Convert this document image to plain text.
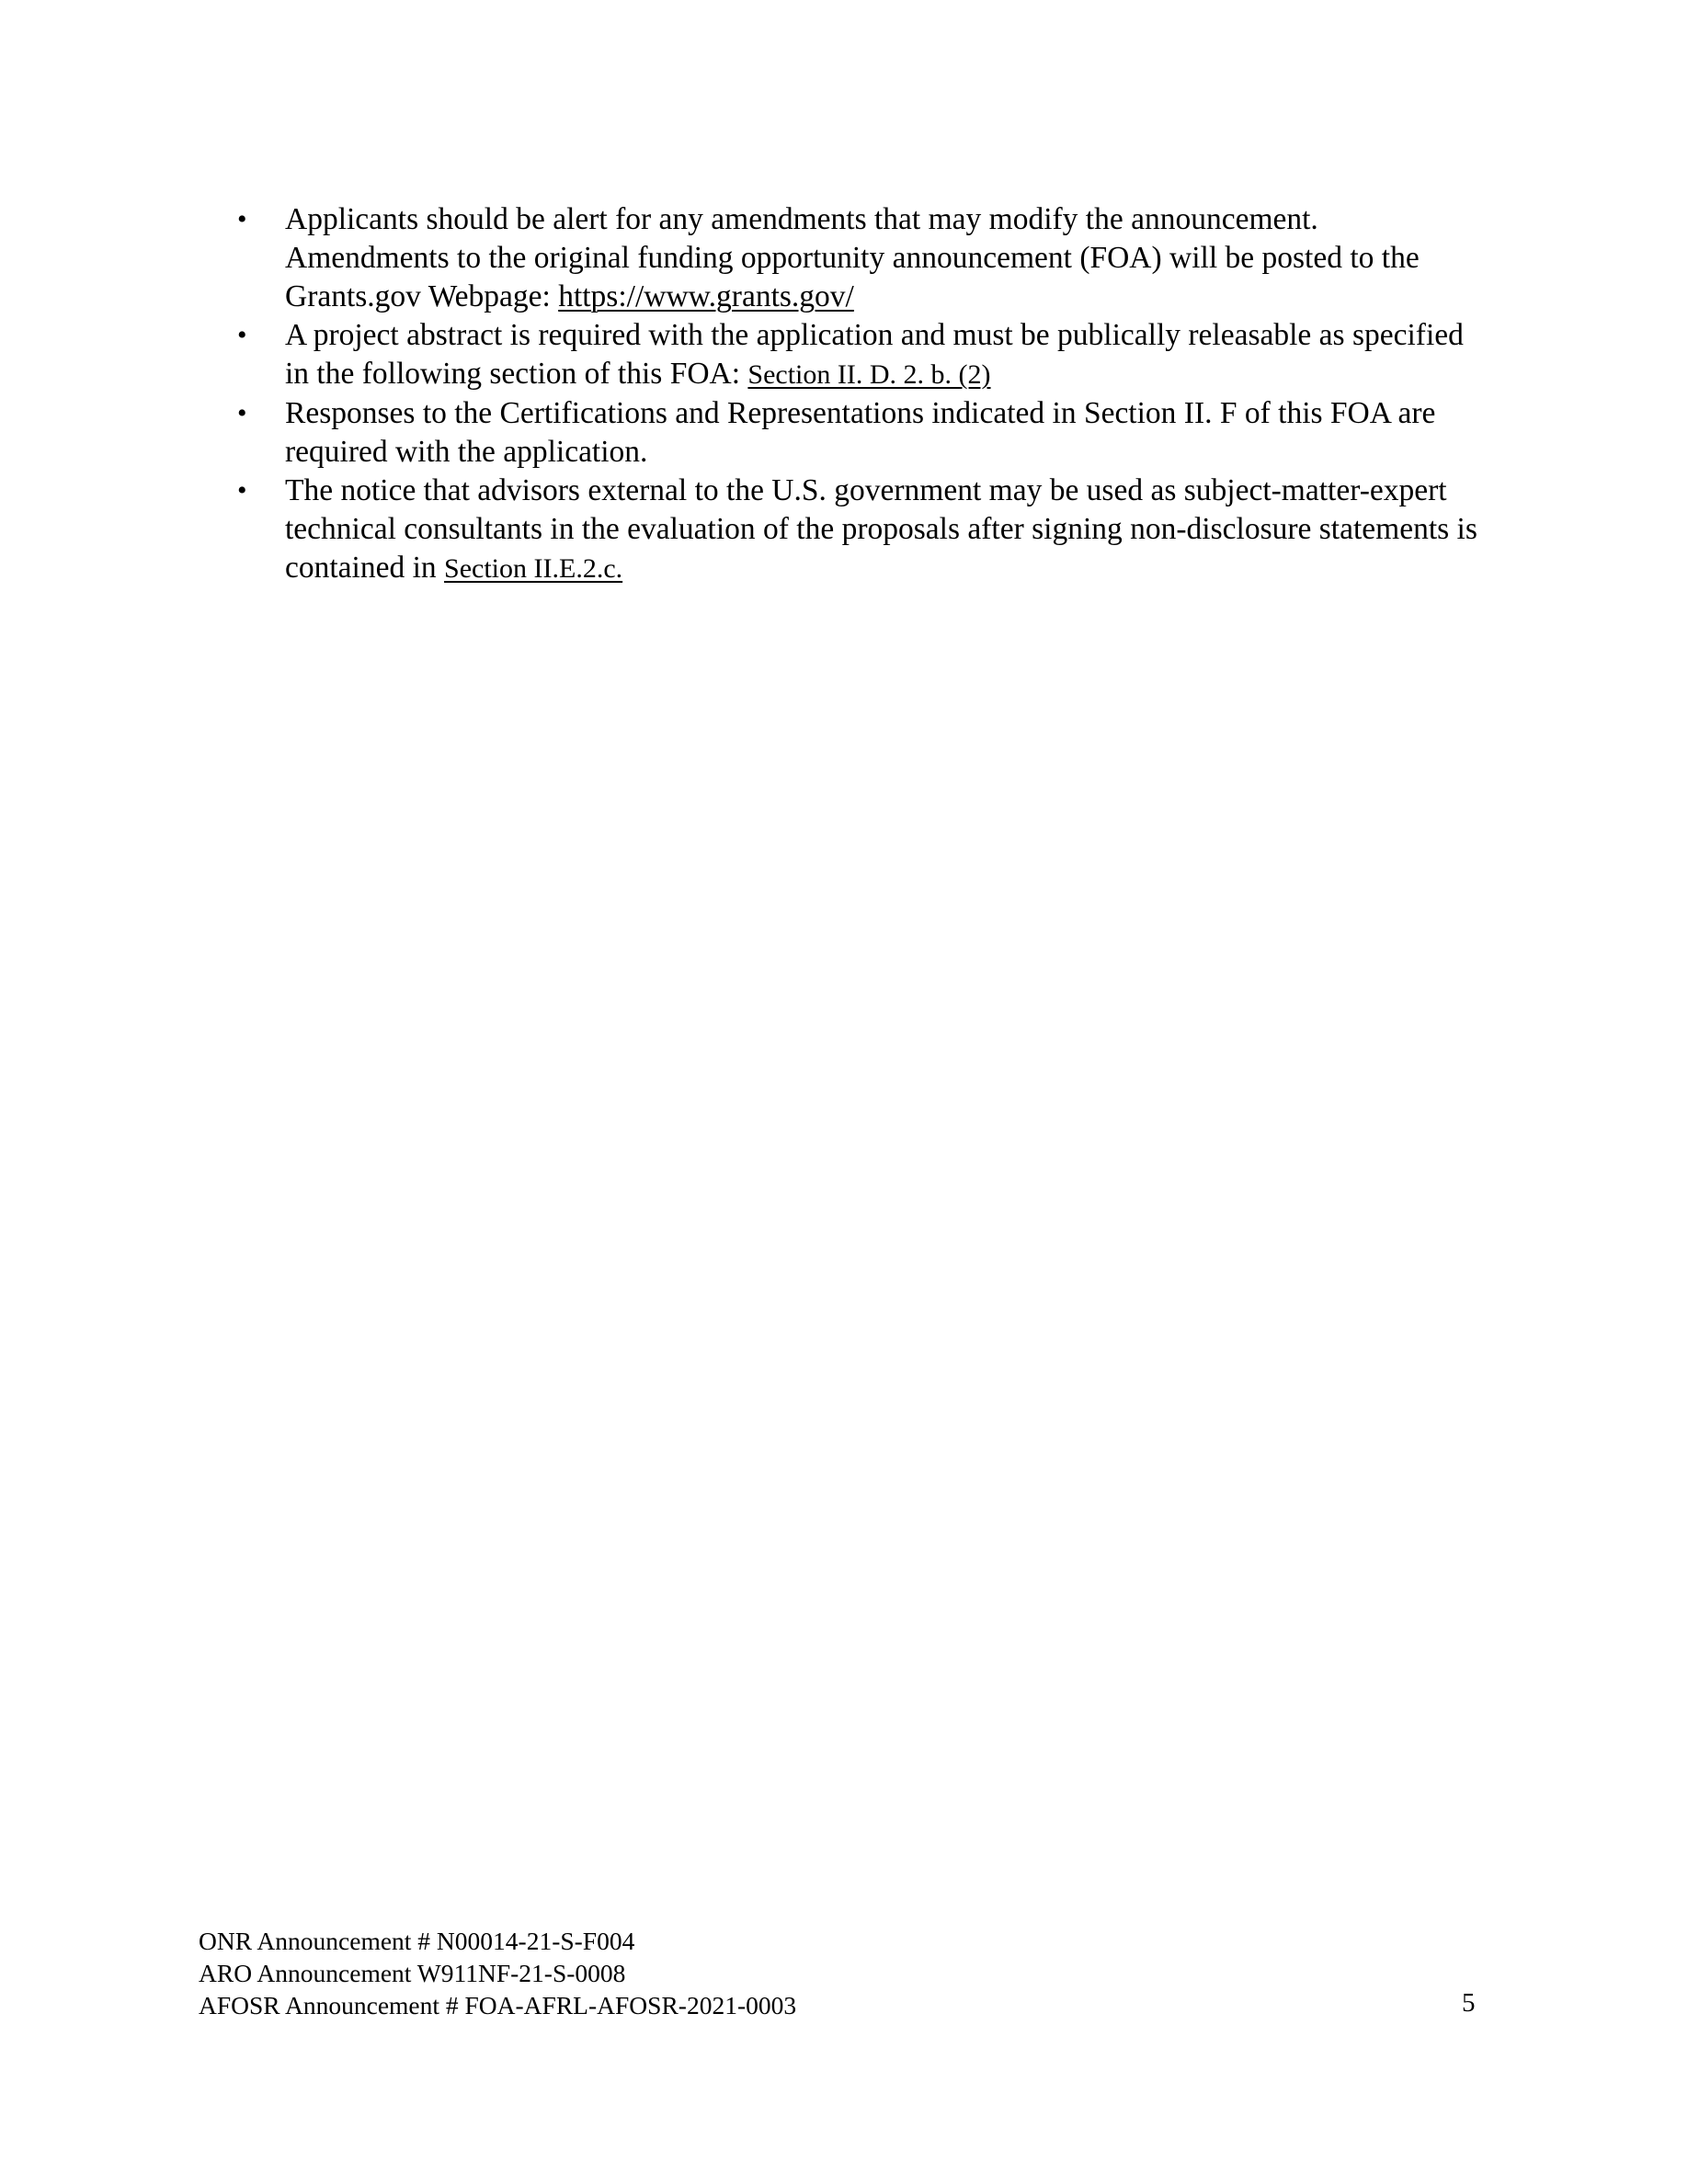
• Applicants should be alert for any amendments that may modify the announcement. Amendments to the original funding opportunity announcement (FOA) will be posted to the Grants.gov Webpage: https://www.grants.gov/
• A project abstract is required with the application and must be publically releasable as specified in the following section of this FOA: Section II. D. 2. b. (2)
• Responses to the Certifications and Representations indicated in Section II. F of this FOA are required with the application.
• The notice that advisors external to the U.S. government may be used as subject-matter-expert technical consultants in the evaluation of the proposals after signing non-disclosure statements is contained in Section II.E.2.c.
ONR Announcement # N00014-21-S-F004
ARO Announcement W911NF-21-S-0008
AFOSR Announcement # FOA-AFRL-AFOSR-2021-0003	5
